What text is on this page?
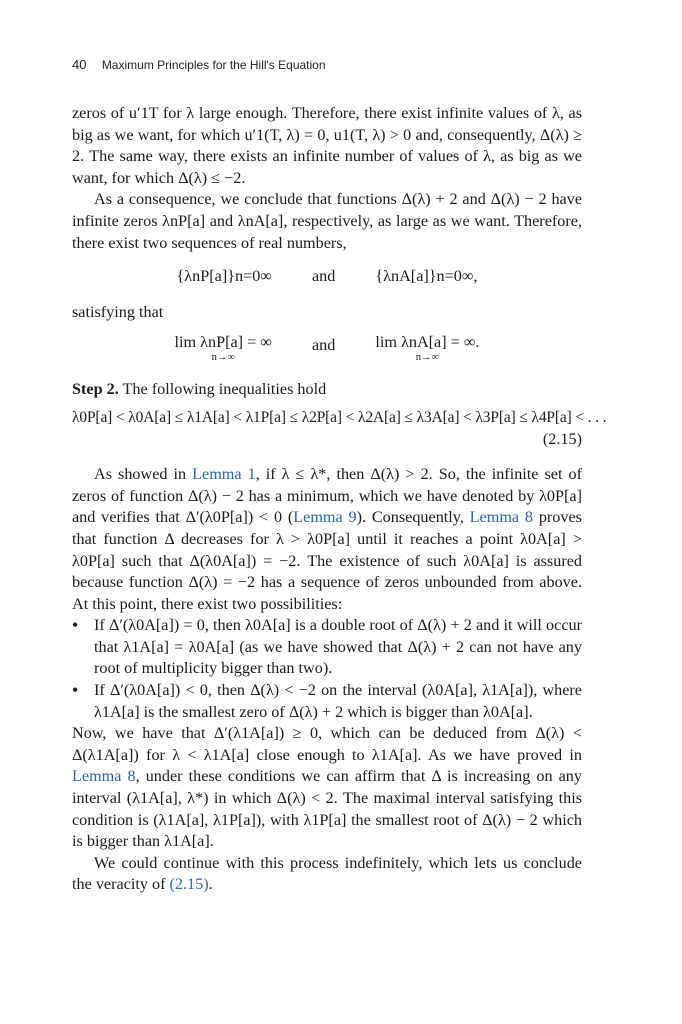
40 Maximum Principles for the Hill's Equation

zeros of u′1T for λ large enough. Therefore, there exist infinite values of λ, as big as we want, for which u′1(T, λ) = 0, u1(T, λ) > 0 and, consequently, Δ(λ) ≥ 2. The same way, there exists an infinite number of values of λ, as big as we want, for which Δ(λ) ≤ −2.

As a consequence, we conclude that functions Δ(λ) + 2 and Δ(λ) − 2 have infinite zeros λnP[a] and λnA[a], respectively, as large as we want. Therefore, there exist two sequences of real numbers,

{λnP[a]}n=0∞ and {λnA[a]}n=0∞,

satisfying that

lim λnP[a] = ∞
n→∞
and lim λnA[a] = ∞.
n→∞

Step 2. The following inequalities hold

λ0P[a] < λ0A[a] ≤ λ1A[a] < λ1P[a] ≤ λ2P[a] < λ2A[a] ≤ λ3A[a] < λ3P[a] ≤ λ4P[a] < . . .
(2.15)

As showed in Lemma 1, if λ ≤ λ*, then Δ(λ) > 2. So, the infinite set of zeros of function Δ(λ) − 2 has a minimum, which we have denoted by λ0P[a] and verifies that Δ′(λ0P[a]) < 0 (Lemma 9). Consequently, Lemma 8 proves that function Δ decreases for λ > λ0P[a] until it reaches a point λ0A[a] > λ0P[a] such that Δ(λ0A[a]) = −2. The existence of such λ0A[a] is assured because function Δ(λ) = −2 has a sequence of zeros unbounded from above. At this point, there exist two possibilities:

• If Δ′(λ0A[a]) = 0, then λ0A[a] is a double root of Δ(λ) + 2 and it will occur that λ1A[a] = λ0A[a] (as we have showed that Δ(λ) + 2 can not have any root of multiplicity bigger than two).
• If Δ′(λ0A[a]) < 0, then Δ(λ) < −2 on the interval (λ0A[a], λ1A[a]), where λ1A[a] is the smallest zero of Δ(λ) + 2 which is bigger than λ0A[a].

Now, we have that Δ′(λ1A[a]) ≥ 0, which can be deduced from Δ(λ) < Δ(λ1A[a]) for λ < λ1A[a] close enough to λ1A[a]. As we have proved in Lemma 8, under these conditions we can affirm that Δ is increasing on any interval (λ1A[a], λ*) in which Δ(λ) < 2. The maximal interval satisfying this condition is (λ1A[a], λ1P[a]), with λ1P[a] the smallest root of Δ(λ) − 2 which is bigger than λ1A[a].

We could continue with this process indefinitely, which lets us conclude the veracity of (2.15).
